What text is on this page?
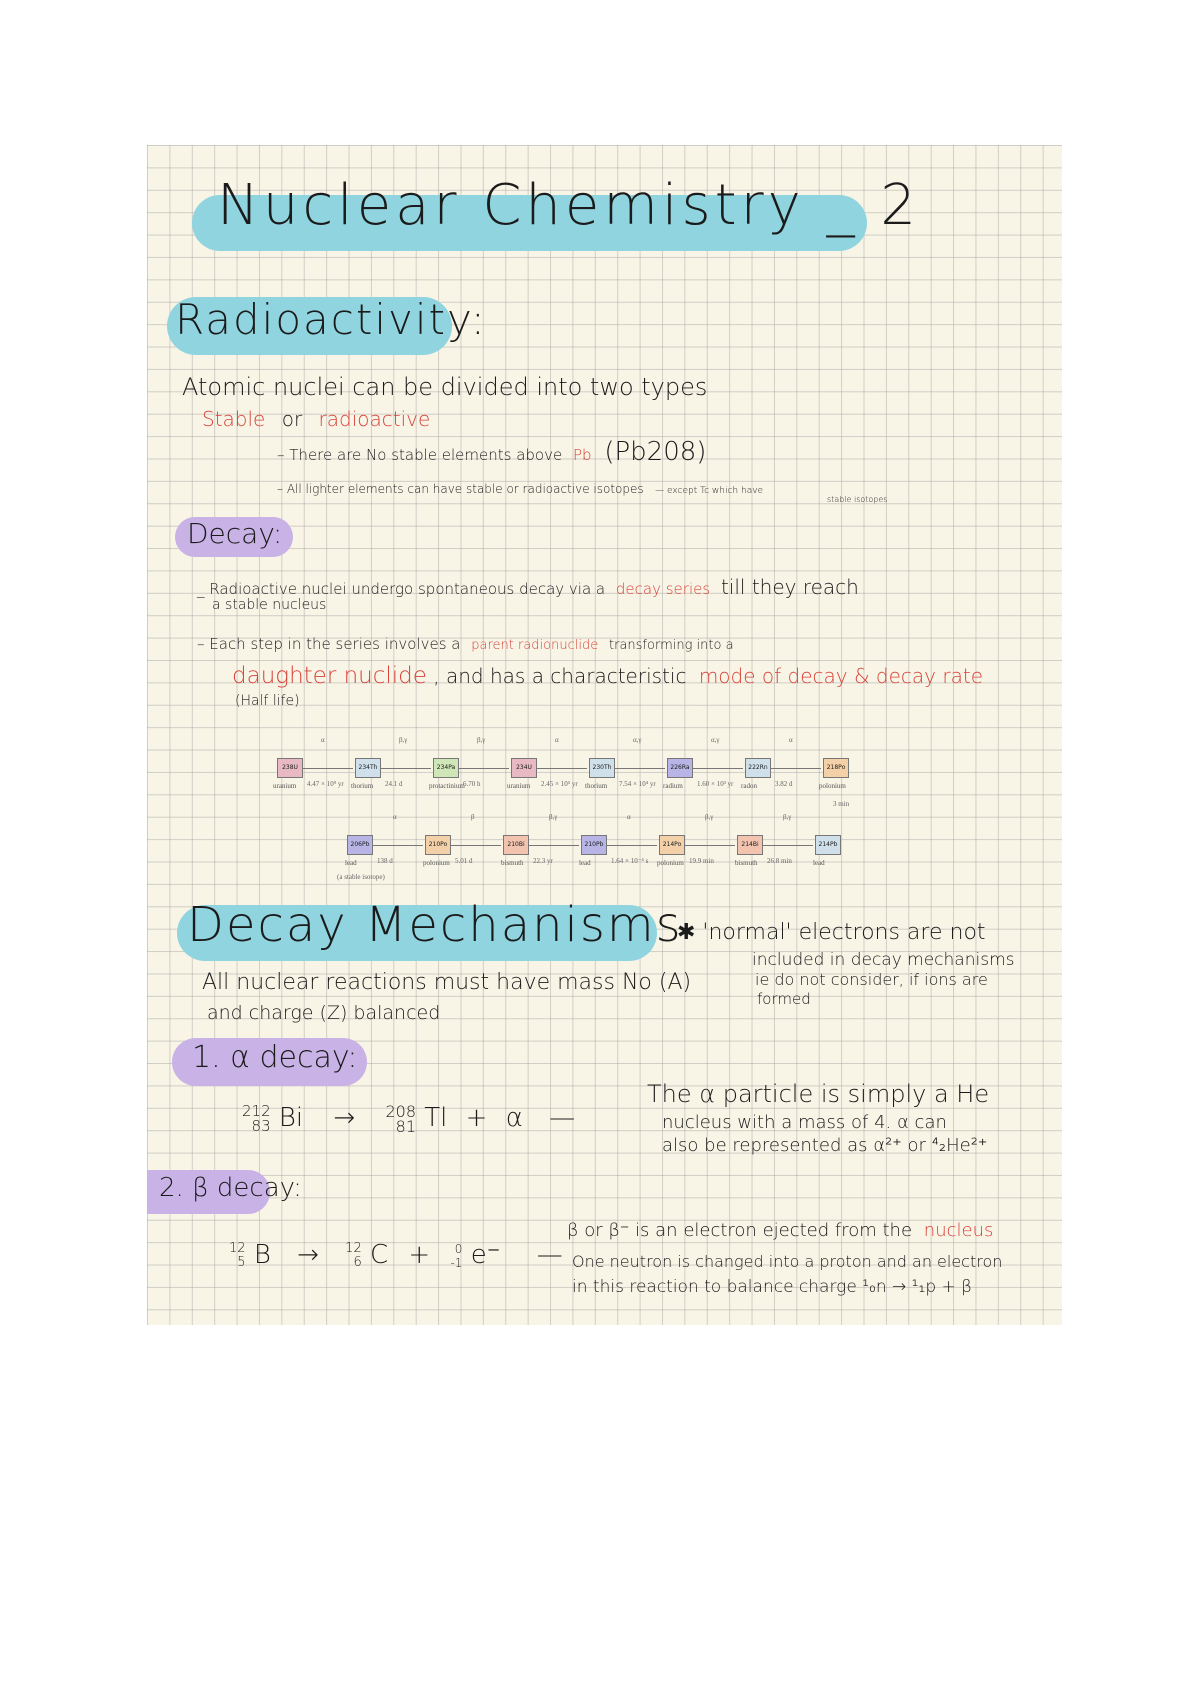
Nuclear Chemistry _ 2
Radioactivity:
Atomic nuclei can be divided into two types
Stable or radioactive
– There are No stable elements above Pb (Pb208)
– All lighter elements can have stable or radioactive isotopes — except Tc which have
stable isotopes
Decay:
_ Radioactive nuclei undergo spontaneous decay via a decay series till they reach
a stable nucleus
– Each step in the series involves a parent radionuclide transforming into a
daughter nuclide , and has a characteristic mode of decay & decay rate
(Half life)
238U
uranium
α
4.47 × 10⁹ yr
234Th
thorium
β,γ
24.1 d
234Pa
protactinium
β,γ
6.70 h
234U
uranium
α
2.45 × 10⁵ yr
230Th
thorium
α,γ
7.54 × 10⁴ yr
226Ra
radium
α,γ
1.60 × 10³ yr
222Rn
radon
α
3.82 d
218Po
polonium
206Pb
lead
α
138 d
210Po
polonium
β
5.01 d
210Bi
bismuth
β,γ
22.3 yr
210Pb
lead
α
1.64 × 10⁻⁴ s
214Po
polonium
β,γ
19.9 min
214Bi
bismuth
β,γ
26.8 min
214Pb
lead
(a stable isotope)
3 min
Decay Mechanisms
✱ 'normal' electrons are not
included in decay mechanisms
ie do not consider, if ions are
formed
All nuclear reactions must have mass No (A)
and charge (Z) balanced
1. α decay:
212
83 Bi → 208
81 Tl + α —
The α particle is simply a He
nucleus with a mass of 4. α can
also be represented as α²⁺ or ⁴₂He²⁺
2. β decay:
β or β⁻ is an electron ejected from the nucleus
12
5 B → 12
6 C + 0
-1 e⁻ — One neutron is changed into a proton and an electron
in this reaction to balance charge ¹₀n → ¹₁p + β
